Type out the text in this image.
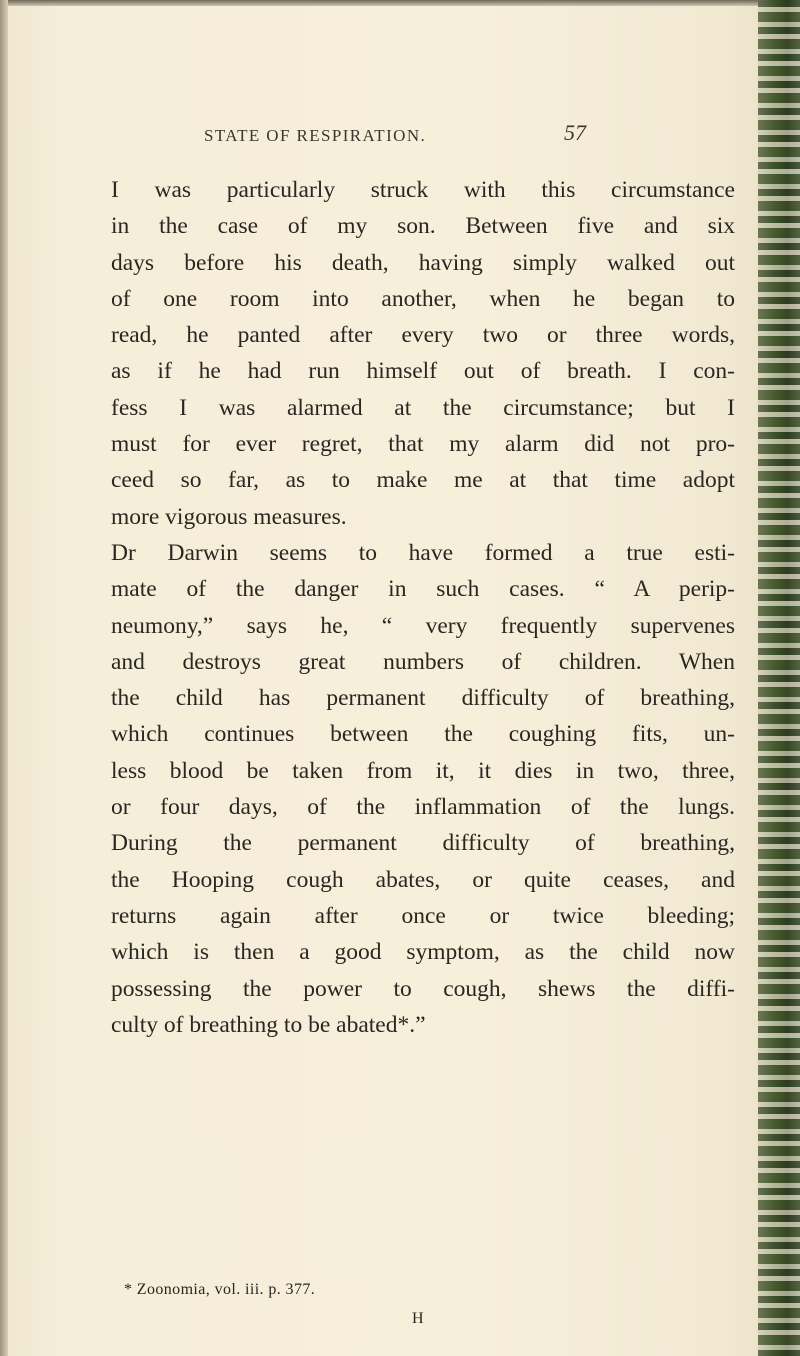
STATE OF RESPIRATION.	57
I was particularly struck with this circumstance
in the case of my son. Between five and six
days before his death, having simply walked out
of one room into another, when he began to
read, he panted after every two or three words,
as if he had run himself out of breath. I con-
fess I was alarmed at the circumstance; but I
must for ever regret, that my alarm did not pro-
ceed so far, as to make me at that time adopt
more vigorous measures.
Dr Darwin seems to have formed a true esti-
mate of the danger in such cases. “ A perip-
neumony,” says he, “ very frequently supervenes
and destroys great numbers of children. When
the child has permanent difficulty of breathing,
which continues between the coughing fits, un-
less blood be taken from it, it dies in two, three,
or four days, of the inflammation of the lungs.
During the permanent difficulty of breathing,
the Hooping cough abates, or quite ceases, and
returns again after once or twice bleeding;
which is then a good symptom, as the child now
possessing the power to cough, shews the diffi-
culty of breathing to be abated*.”
* Zoonomia, vol. iii. p. 377.
H
